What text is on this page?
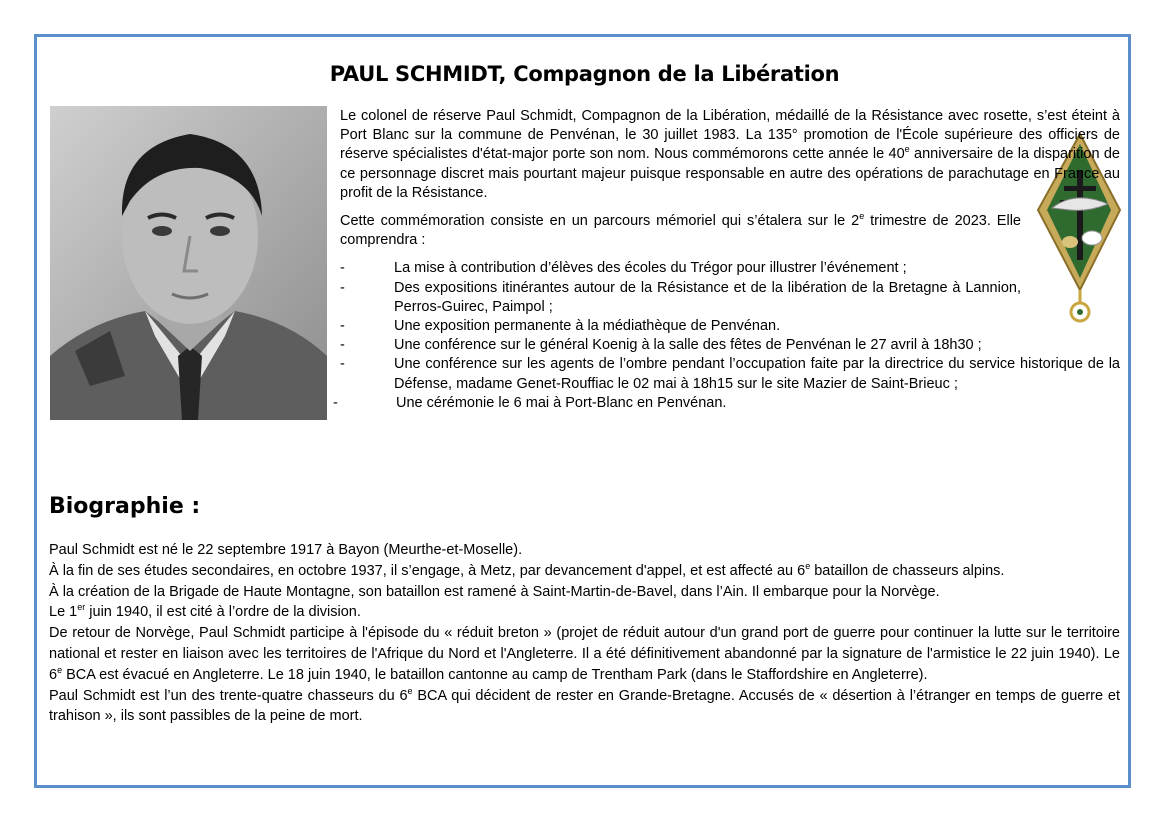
PAUL SCHMIDT, Compagnon de la Libération

Le colonel de réserve Paul Schmidt, Compagnon de la Libération, médaillé de la Résistance avec rosette, s’est éteint à Port Blanc sur la commune de Penvénan, le 30 juillet 1983. La 135° promotion de l'École supérieure des officiers de réserve spécialistes d'état-major porte son nom. Nous commémorons cette année le 40e anniversaire de la disparition de ce personnage discret mais pourtant majeur puisque responsable en autre des opérations de parachutage en France au profit de la Résistance.

Cette commémoration consiste en un parcours mémoriel qui s’étalera sur le 2e trimestre de 2023. Elle comprendra :

-	La mise à contribution d’élèves des écoles du Trégor pour illustrer l’événement ;
-	Des expositions itinérantes autour de la Résistance et de la libération de la Bretagne à Lannion, Perros-Guirec, Paimpol ;
-	Une exposition permanente à la médiathèque de Penvénan.
-	Une conférence sur le général Koenig à la salle des fêtes de Penvénan le 27 avril à 18h30 ;
-	Une conférence sur les agents de l’ombre pendant l’occupation faite par la directrice du service historique de la Défense, madame Genet-Rouffiac le 02 mai à 18h15 sur le site Mazier de Saint-Brieuc ;
-	Une cérémonie le 6 mai à Port-Blanc en Penvénan.
Biographie :

Paul Schmidt est né le 22 septembre 1917 à Bayon (Meurthe-et-Moselle).

À la fin de ses études secondaires, en octobre 1937, il s’engage, à Metz, par devancement d'appel, et est affecté au 6e bataillon de chasseurs alpins.

À la création de la Brigade de Haute Montagne, son bataillon est ramené à Saint-Martin-de-Bavel, dans l’Ain. Il embarque pour la Norvège.

Le 1er juin 1940, il est cité à l’ordre de la division.

De retour de Norvège, Paul Schmidt participe à l'épisode du « réduit breton » (projet de réduit autour d'un grand port de guerre pour continuer la lutte sur le territoire national et rester en liaison avec les territoires de l'Afrique du Nord et l'Angleterre. Il a été définitivement abandonné par la signature de l'armistice le 22 juin 1940). Le 6e BCA est évacué en Angleterre. Le 18 juin 1940, le bataillon cantonne au camp de Trentham Park (dans le Staffordshire en Angleterre).

Paul Schmidt est l’un des trente-quatre chasseurs du 6e BCA qui décident de rester en Grande-Bretagne. Accusés de « désertion à l’étranger en temps de guerre et trahison », ils sont passibles de la peine de mort.
